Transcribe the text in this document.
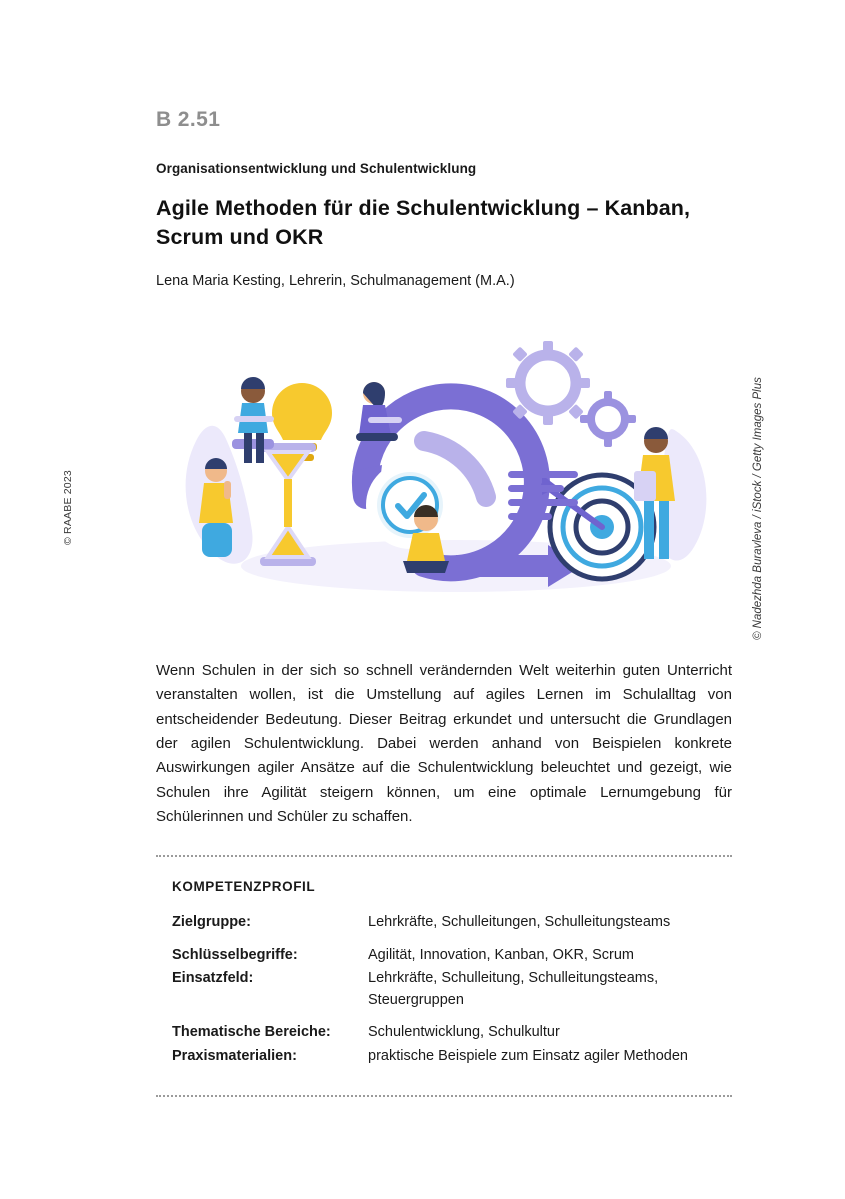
© RAABE 2023	© Nadezhda Buravleva / iStock / Getty Images Plus
B 2.51
Organisationsentwicklung und Schulentwicklung
Agile Methoden für die Schulentwicklung – Kanban, Scrum und OKR
Lena Maria Kesting, Lehrerin, Schulmanagement (M.A.)
Wenn Schulen in der sich so schnell verändernden Welt weiterhin guten Unterricht veranstalten wollen, ist die Umstellung auf agiles Lernen im Schulalltag von entscheidender Bedeutung. Dieser Beitrag erkundet und untersucht die Grundlagen der agilen Schulentwicklung. Dabei werden anhand von Beispielen konkrete Auswirkungen agiler Ansätze auf die Schulentwicklung beleuchtet und gezeigt, wie Schulen ihre Agilität steigern können, um eine optimale Lernumgebung für Schülerinnen und Schüler zu schaffen.
KOMPETENZPROFIL
Zielgruppe:	Lehrkräfte, Schulleitungen, Schulleitungsteams
Schlüsselbegriffe:	Agilität, Innovation, Kanban, OKR, Scrum
Einsatzfeld:	Lehrkräfte, Schulleitung, Schulleitungsteams, Steuergruppen
Thematische Bereiche:	Schulentwicklung, Schulkultur
Praxismaterialien:	praktische Beispiele zum Einsatz agiler Methoden
